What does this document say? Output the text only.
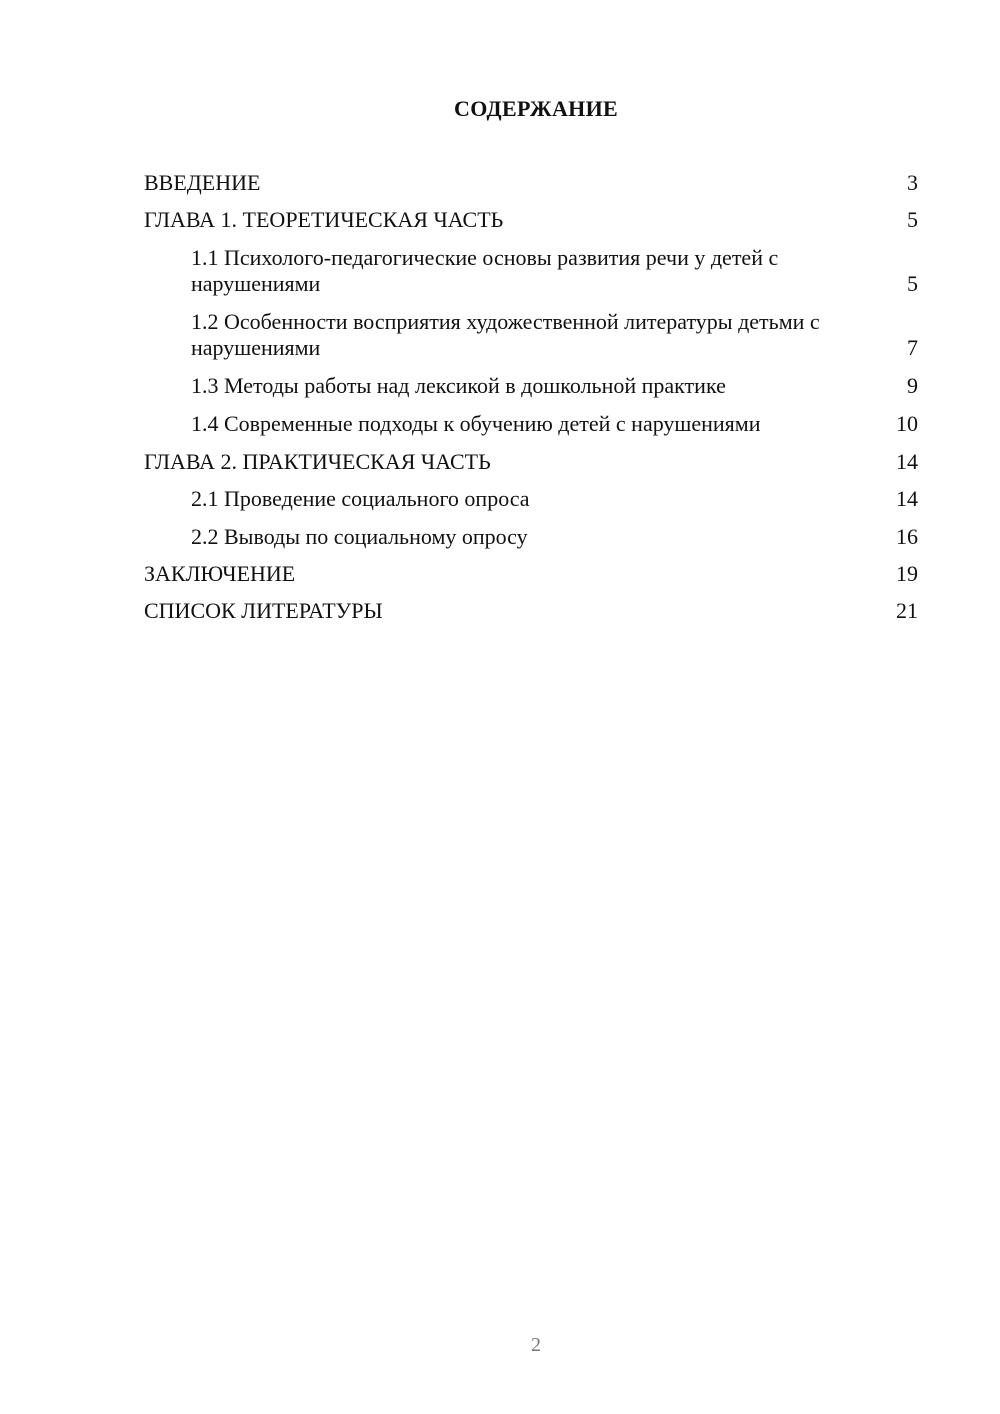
СОДЕРЖАНИЕ
ВВЕДЕНИЕ	3
ГЛАВА 1. ТЕОРЕТИЧЕСКАЯ ЧАСТЬ	5
1.1 Психолого-педагогические основы развития речи у детей с нарушениями	5
1.2 Особенности восприятия художественной литературы детьми с нарушениями	7
1.3 Методы работы над лексикой в дошкольной практике	9
1.4 Современные подходы к обучению детей с нарушениями	10
ГЛАВА 2. ПРАКТИЧЕСКАЯ ЧАСТЬ	14
2.1 Проведение социального опроса	14
2.2 Выводы по социальному опросу	16
ЗАКЛЮЧЕНИЕ	19
СПИСОК ЛИТЕРАТУРЫ	21
2
